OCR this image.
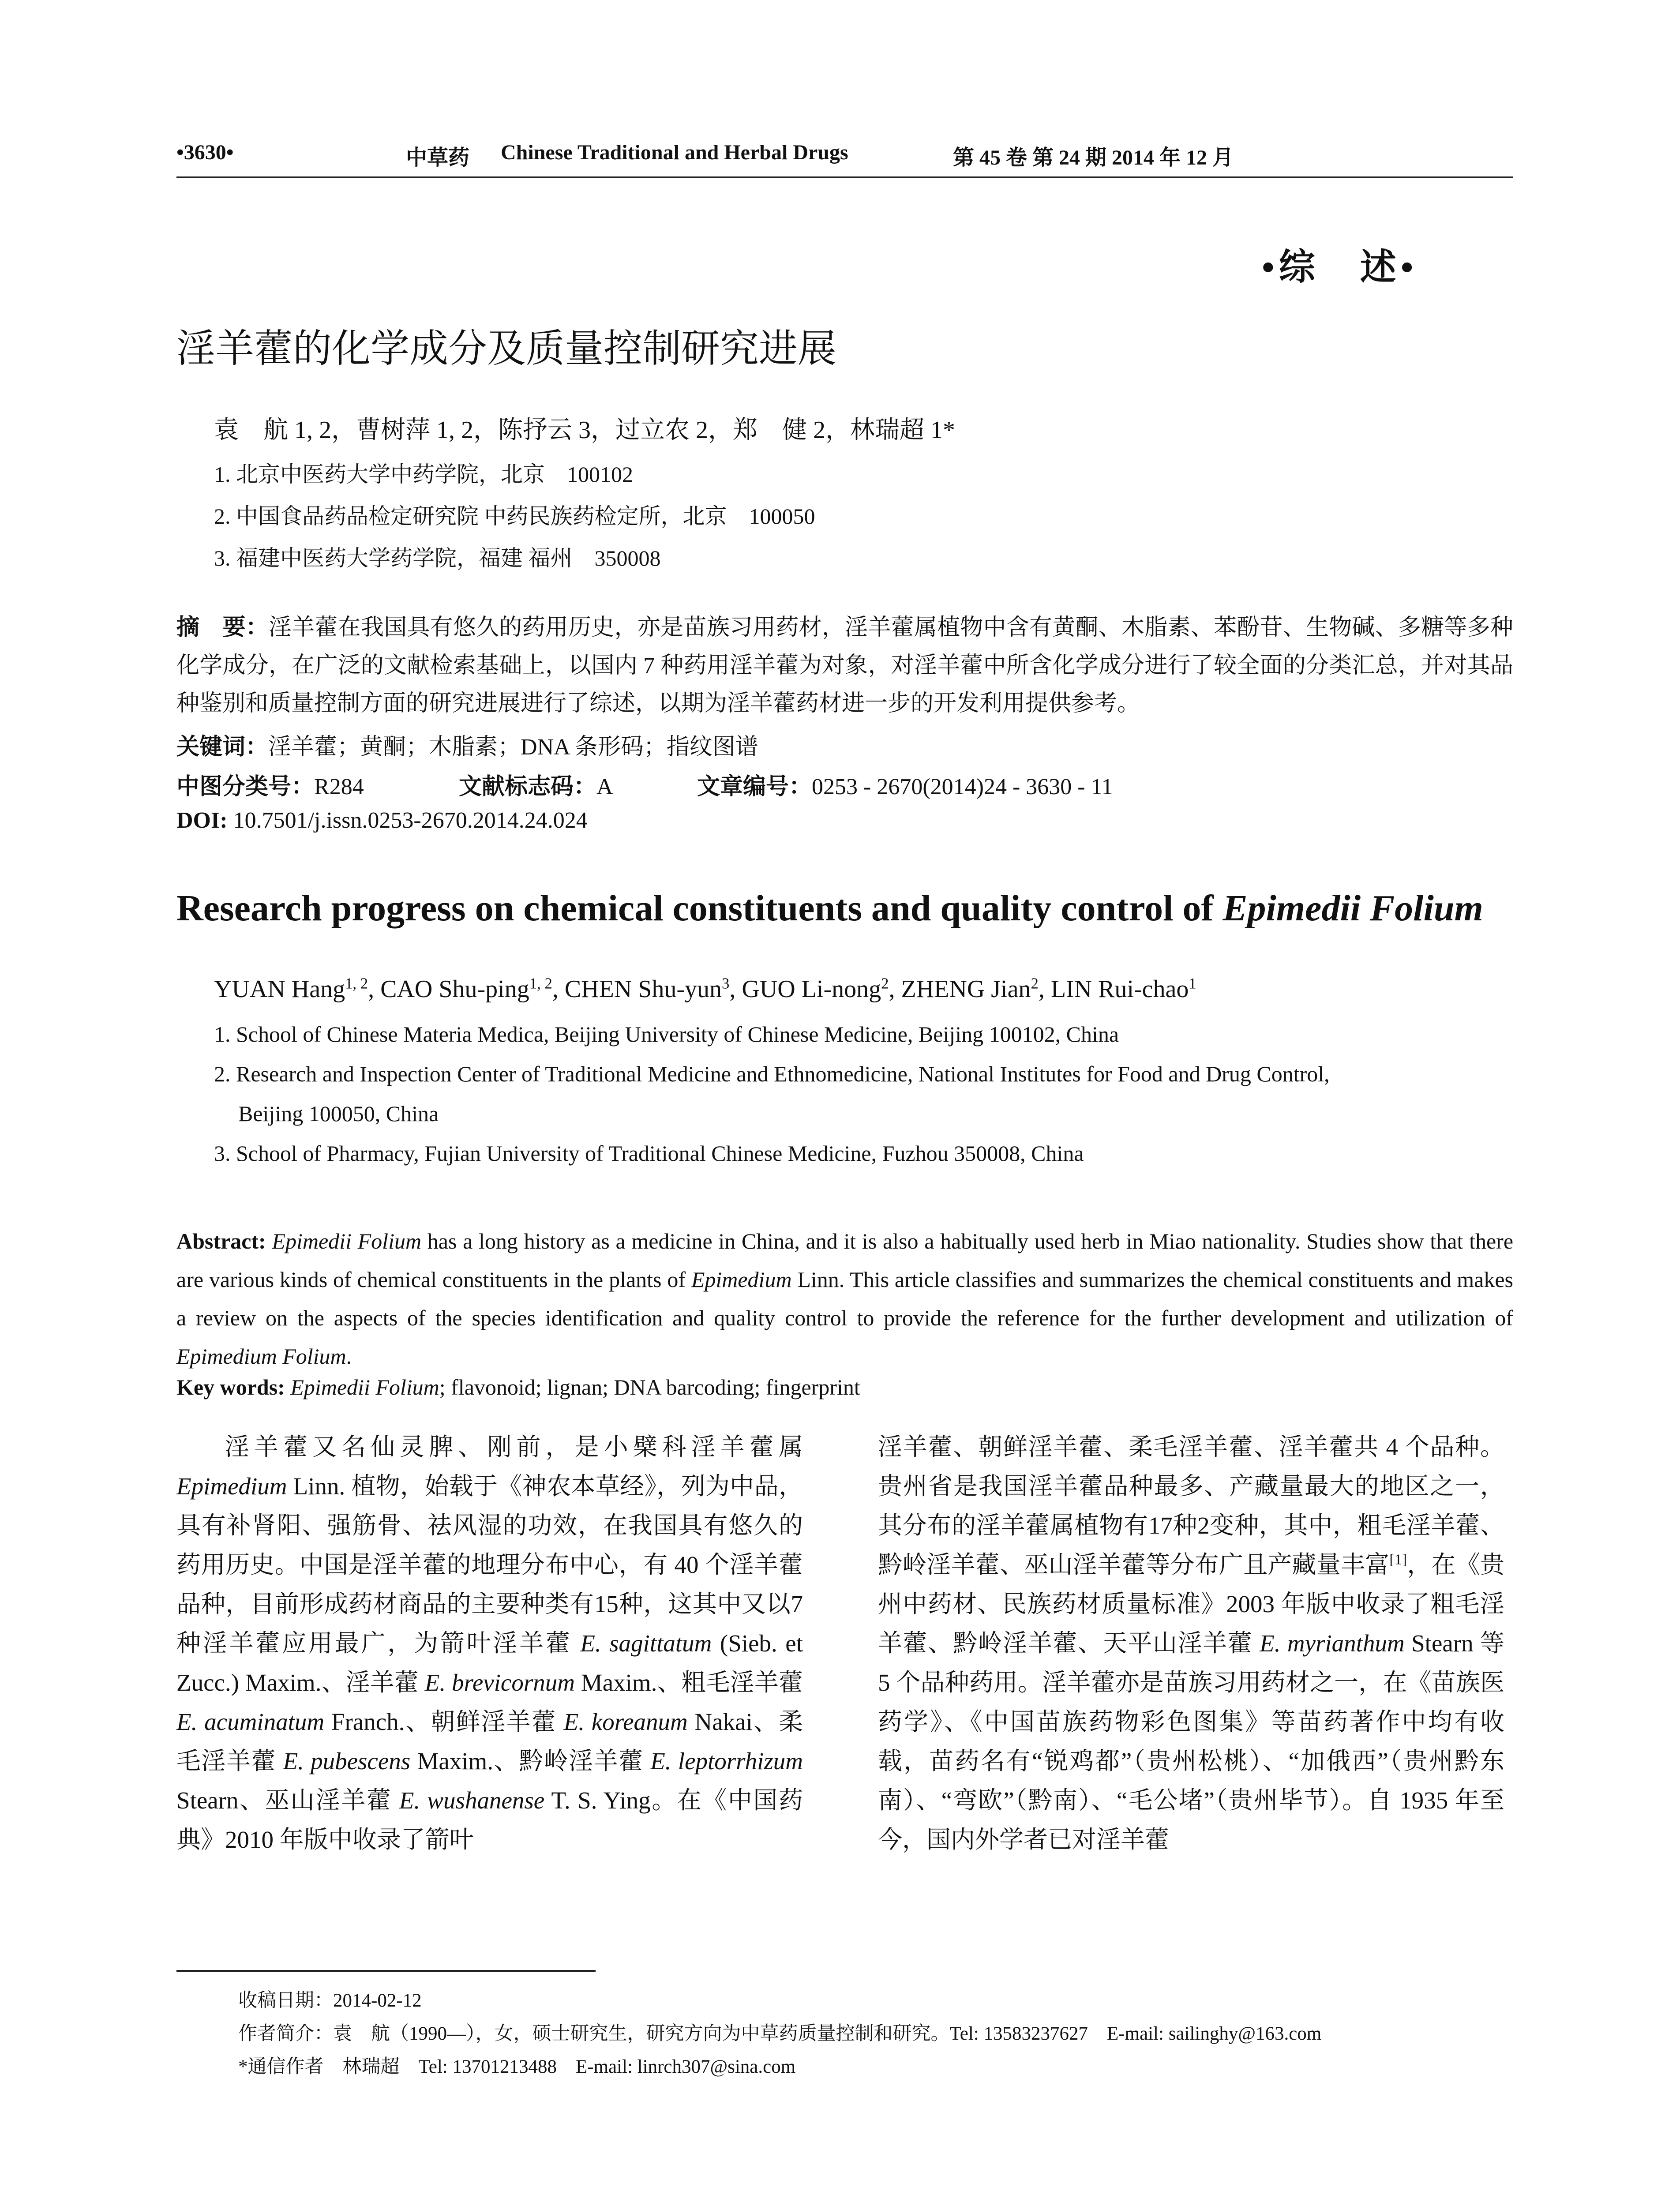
•3630•	中草药 Chinese Traditional and Herbal Drugs	第 45 卷 第 24 期 2014 年 12 月
•综　述•
淫羊藿的化学成分及质量控制研究进展
袁　航 1, 2，曹树萍 1, 2，陈抒云 3，过立农 2，郑　健 2，林瑞超 1*
1. 北京中医药大学中药学院，北京　100102
2. 中国食品药品检定研究院 中药民族药检定所，北京　100050
3. 福建中医药大学药学院，福建 福州　350008
摘　要：淫羊藿在我国具有悠久的药用历史，亦是苗族习用药材，淫羊藿属植物中含有黄酮、木脂素、苯酚苷、生物碱、多糖等多种化学成分，在广泛的文献检索基础上，以国内 7 种药用淫羊藿为对象，对淫羊藿中所含化学成分进行了较全面的分类汇总，并对其品种鉴别和质量控制方面的研究进展进行了综述，以期为淫羊藿药材进一步的开发利用提供参考。
关键词：淫羊藿；黄酮；木脂素；DNA 条形码；指纹图谱
中图分类号：R284	文献标志码：A	文章编号：0253 - 2670(2014)24 - 3630 - 11
DOI: 10.7501/j.issn.0253-2670.2014.24.024
Research progress on chemical constituents and quality control of Epimedii Folium
YUAN Hang$^{1, 2}$, CAO Shu-ping$^{1, 2}$, CHEN Shu-yun$^3$, GUO Li-nong$^2$, ZHENG Jian$^2$, LIN Rui-chao$^1$
1. School of Chinese Materia Medica, Beijing University of Chinese Medicine, Beijing 100102, China
2. Research and Inspection Center of Traditional Medicine and Ethnomedicine, National Institutes for Food and Drug Control,
Beijing 100050, China
3. School of Pharmacy, Fujian University of Traditional Chinese Medicine, Fuzhou 350008, China
Abstract: Epimedii Folium has a long history as a medicine in China, and it is also a habitually used herb in Miao nationality. Studies show that there are various kinds of chemical constituents in the plants of Epimedium Linn. This article classifies and summarizes the chemical constituents and makes a review on the aspects of the species identification and quality control to provide the reference for the further development and utilization of Epimedium Folium.
Key words: Epimedii Folium; flavonoid; lignan; DNA barcoding; fingerprint
淫羊藿又名仙灵脾、刚前，是小檗科淫羊藿属 Epimedium Linn. 植物，始载于《神农本草经》，列为中品，具有补肾阳、强筋骨、祛风湿的功效，在我国具有悠久的药用历史。中国是淫羊藿的地理分布中心，有 40 个淫羊藿品种，目前形成药材商品的主要种类有15种，这其中又以7种淫羊藿应用最广，为箭叶淫羊藿 E. sagittatum (Sieb. et Zucc.) Maxim.、淫羊藿 E. brevicornum Maxim.、粗毛淫羊藿 E. acuminatum Franch.、朝鲜淫羊藿 E. koreanum Nakai、柔毛淫羊藿 E. pubescens Maxim.、黔岭淫羊藿 E. leptorrhizum Stearn、巫山淫羊藿 E. wushanense T. S. Ying。在《中国药典》2010 年版中收录了箭叶
淫羊藿、朝鲜淫羊藿、柔毛淫羊藿、淫羊藿共 4 个品种。贵州省是我国淫羊藿品种最多、产藏量最大的地区之一，其分布的淫羊藿属植物有17种2变种，其中，粗毛淫羊藿、黔岭淫羊藿、巫山淫羊藿等分布广且产藏量丰富[1]，在《贵州中药材、民族药材质量标准》2003 年版中收录了粗毛淫羊藿、黔岭淫羊藿、天平山淫羊藿 E. myrianthum Stearn 等 5 个品种药用。淫羊藿亦是苗族习用药材之一，在《苗族医药学》、《中国苗族药物彩色图集》等苗药著作中均有收载，苗药名有“锐鸡都”（贵州松桃）、“加俄西”（贵州黔东南）、“弯欧”（黔南）、“毛公堵”（贵州毕节）。自 1935 年至今，国内外学者已对淫羊藿
收稿日期：2014-02-12
作者简介：袁　航（1990—），女，硕士研究生，研究方向为中草药质量控制和研究。Tel: 13583237627　E-mail: sailinghy@163.com
*通信作者　林瑞超　Tel: 13701213488　E-mail: linrch307@sina.com
